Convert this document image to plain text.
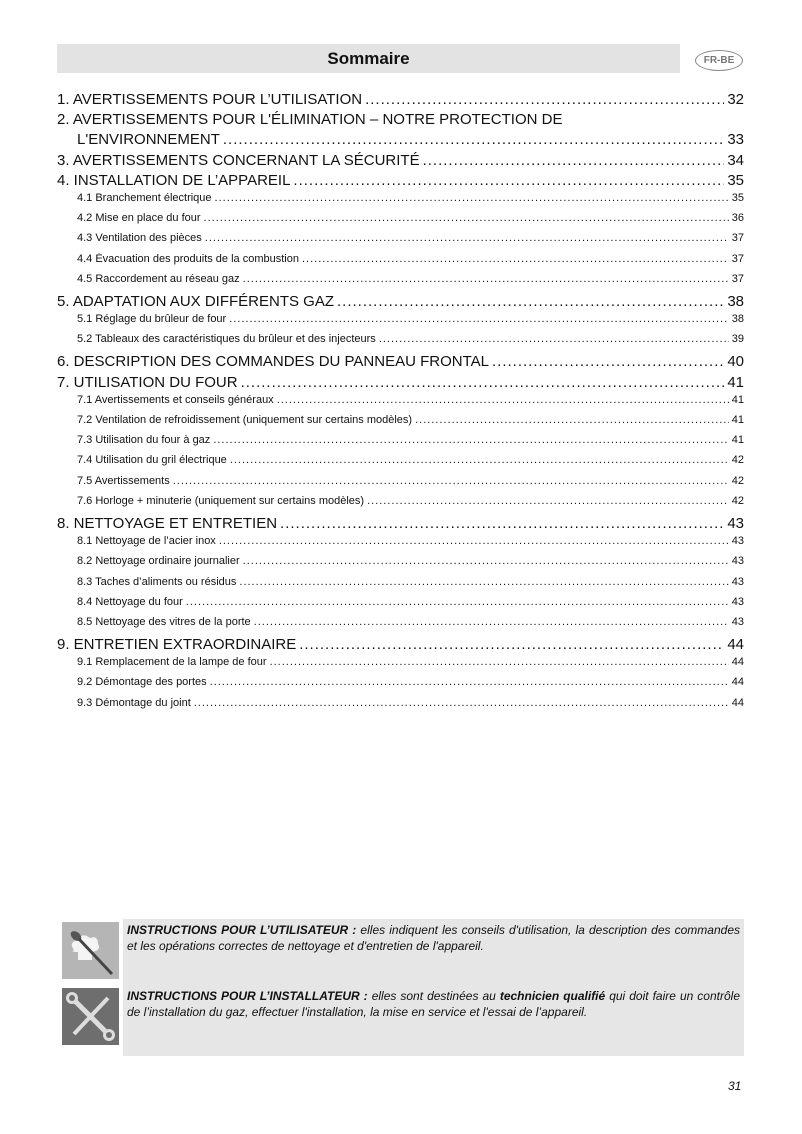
Sommaire	FR-BE
1. AVERTISSEMENTS POUR L’UTILISATION .....	32
2. AVERTISSEMENTS POUR L'ÉLIMINATION – NOTRE PROTECTION DE
L'ENVIRONNEMENT .....	33
3. AVERTISSEMENTS CONCERNANT LA SÉCURITÉ .....	34
4. INSTALLATION DE L’APPAREIL .....	35
4.1 Branchement électrique .....	35
4.2 Mise en place du four .....	36
4.3 Ventilation des pièces .....	37
4.4 Évacuation des produits de la combustion .....	37
4.5 Raccordement au réseau gaz .....	37
5. ADAPTATION AUX DIFFÉRENTS GAZ .....	38
5.1 Réglage du brûleur de four .....	38
5.2 Tableaux des caractéristiques du brûleur et des injecteurs .....	39
6. DESCRIPTION DES COMMANDES DU PANNEAU FRONTAL .....	40
7. UTILISATION DU FOUR .....	41
7.1 Avertissements et conseils généraux .....	41
7.2 Ventilation de refroidissement (uniquement sur certains modèles) .....	41
7.3 Utilisation du four à gaz .....	41
7.4 Utilisation du gril électrique .....	42
7.5 Avertissements .....	42
7.6 Horloge + minuterie (uniquement sur certains modèles) .....	42
8. NETTOYAGE ET ENTRETIEN .....	43
8.1 Nettoyage de l’acier inox .....	43
8.2 Nettoyage ordinaire journalier .....	43
8.3 Taches d’aliments ou résidus .....	43
8.4 Nettoyage du four .....	43
8.5 Nettoyage des vitres de la porte .....	43
9. ENTRETIEN EXTRAORDINAIRE .....	44
9.1 Remplacement de la lampe de four .....	44
9.2 Démontage des portes .....	44
9.3 Démontage du joint .....	44
INSTRUCTIONS POUR L’UTILISATEUR : elles indiquent les conseils d'utilisation, la description des commandes et les opérations correctes de nettoyage et d'entretien de l'appareil.
INSTRUCTIONS POUR L’INSTALLATEUR : elles sont destinées au technicien qualifié qui doit faire un contrôle de l’installation du gaz, effectuer l'installation, la mise en service et l'essai de l’appareil.
31
